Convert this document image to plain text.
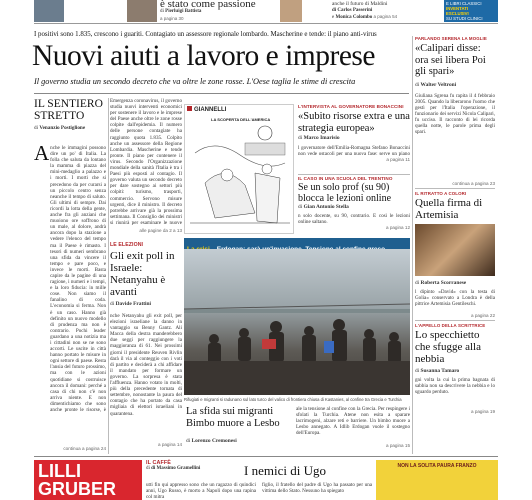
è stato come passione
di Pierluigi Battista
a pagina 30
anche il futuro di Maldini
di Carlos Passerini
e Monica Colombo a pagina 54
E LIBRI CLASSICI
INVENTATI
ESCLUSIVI
SU STUDI CLINICI
I positivi sono 1.835, crescono i guariti. Contagiato un assessore regionale lombardo. Mascherine e tende: il piano anti-virus
Nuovi aiuti a lavoro e imprese
Il governo studia un secondo decreto che va oltre le zone rosse. L'Oese taglia le stime di crescita
IL SENTIERO STRETTO
di Venanzio Postiglione
A nche le immagini possono dire un po' di Italia. La folla che saluta da lontano la mamma di piazza del mini-medaglio a palazzo e i morti. I morti che si precedono da per curarsi a un piccolo centro senza neanche il tempo di saluto. Gli ultimi di sempre. Dai ricordi la lotta della gente, anche fra gli anziani che muoiono ore soffrono di un male, al dolore, andrà ancora dopo la stazione a vedere l'elenco del tempo ma il Paese è rimasto. I tesori di numeri sembrano una sfida da vincere il tempo e pare poco, e invece le morti. Basta capire da le pagine di una ragione, i numeri e i tempi, e la loro fiducia: in mille cose. Non siamo il fanalino di coda. L'economia si ferma. Non è un caso. Hanno già definito un nuovo modello di prudenza ma non è contrario. Pochi leader guardano a una notizia ma i cittadini non se ne sono accorti. Le uscite in città hanno portato le misure in ogni settore di paese. Resta l'ansia del futuro prossimo, ma con le azioni quotidiane si costruisce ancora il domani: perché a casa di chi non c'è non arriva niente. E non dimentichiamo che sono anche pronte le risorse, è
continua a pagina 24
Emergenza coronavirus, il governo studia nuovi interventi economici per sostenere il lavoro e le imprese del Paese anche oltre le zone rosse colpite dall'epidemia. Il numero delle persone contagiate ha raggiunto quota 1.835. Colpito anche un assessore della Regione Lombardia. Mascherine e tende pronte. Il piano per contenere il virus. Secondo l'Organizzazione mondiale della sanità l'Italia è tra i Paesi più esposti al contagio. Il governo valuta un secondo decreto per dare sostegno ai settori più colpiti: turismo, trasporti, commercio. Servono misure urgenti, dice il ministro. Il decreto potrebbe arrivare già la prossima settimana. Il Consiglio dei ministri si riunirà per esaminare le nuove
alle pagine da 2 a 13
GIANNELLI
LA SCOPERTA DELL'AMERICA
L'INTERVISTA AL GOVERNATORE BONACCINI
«Subito risorse extra e una strategia europea»
di Marco Imarisio
l governatore dell'Emilia-Romagna Stefano Bonaccini non vede ostacoli per una nuova fase: serve un piano
a pagina 11
IL CASO IN UNA SCUOLA DEL TRENTINO
Se un solo prof (su 90) blocca le lezioni online
di Gian Antonio Stella
n solo docente, su 90, contrario. E così le lezioni online saltano.
a pagina 12
LE ELEZIONI
Gli exit poll in Israele: Netanyahu è avanti
di Davide Frattini
nche Netanyahu gli exit poll, per elezioni israeliane la danno in vantaggio su Benny Gantz. Ali Macca della destra manderebbero due seggi per raggiungere la maggioranza di 61. Nei prossimi giorni il presidente Reuven Rivlin darà il via al conteggio con i voti di partito e deciderà a chi affidare il mandato per formare un governo. La sorpresa è stata l'affluenza. Hanno votato in molti, più della precedente tornata di settembre, nonostante la paura del contagio che ha portato da casa migliaia di elettori israeliani in quarantena.
a pagina 14
Rifugiati e migranti si radunano sul lato turco del valico di frontiera chiusa di Kastanies, al confine tra Grecia e Turchia
La sfida sui migranti Bimbo muore a Lesbo
di Lorenzo Cremonesi
ale la tensione al confine con la Grecia. Per respingere i sfolati la Turchia. Atene non esita a sparare lacrimogeni, alzare reti e barriere. Un bimbo muore a Lesbo annegato. A Idlib Erdogan vuole il sostegno dell'Europa.
a pagina 15
PARLANDO SERENA LA MOGLIE
«Calipari disse: ora sei libera Poi gli spari»
di Walter Veltroni
Giuliana Sgrena fu rapita il 4 febbraio 2005. Quando la liberarono l'uomo che gestì per l'Italia l'operazione, il funzionario dei servizi Nicola Calipari, fu ucciso. Il racconto di lei ricorda quella notte, le parole prima degli spari.
continua a pagina 23
IL RITRATTO A COLORI
Quella firma di Artemisia
di Roberta Scorranese
l dipinto «David» con la testa di Golia» conservato a Londra è della pittrice Artemisia Gentileschi.
a pagina 22
L'APPELLO DELLA SCRITTRICE
Lo specchietto che sfugge alla nebbia
di Susanna Tamaro
gni volta la cui la prima bagnata di sabbia non sa descrivere la nebbia e lo sguardo perduto.
a pagina 19
LILLI
GRUBER
IL CAFFÈ
di di Massimo Gramellini	I nemici di Ugo
utti fin qui appresso sono che un ragazzo di quindici anni, Ugo Russo, è morto a Napoli dopo una rapina col mitra
figlio, il fratello del padre di Ugo ha passato per una vittima dello Stato. Nessuno ha spiegato
NON LA SOLITA PAURA FRANZO
